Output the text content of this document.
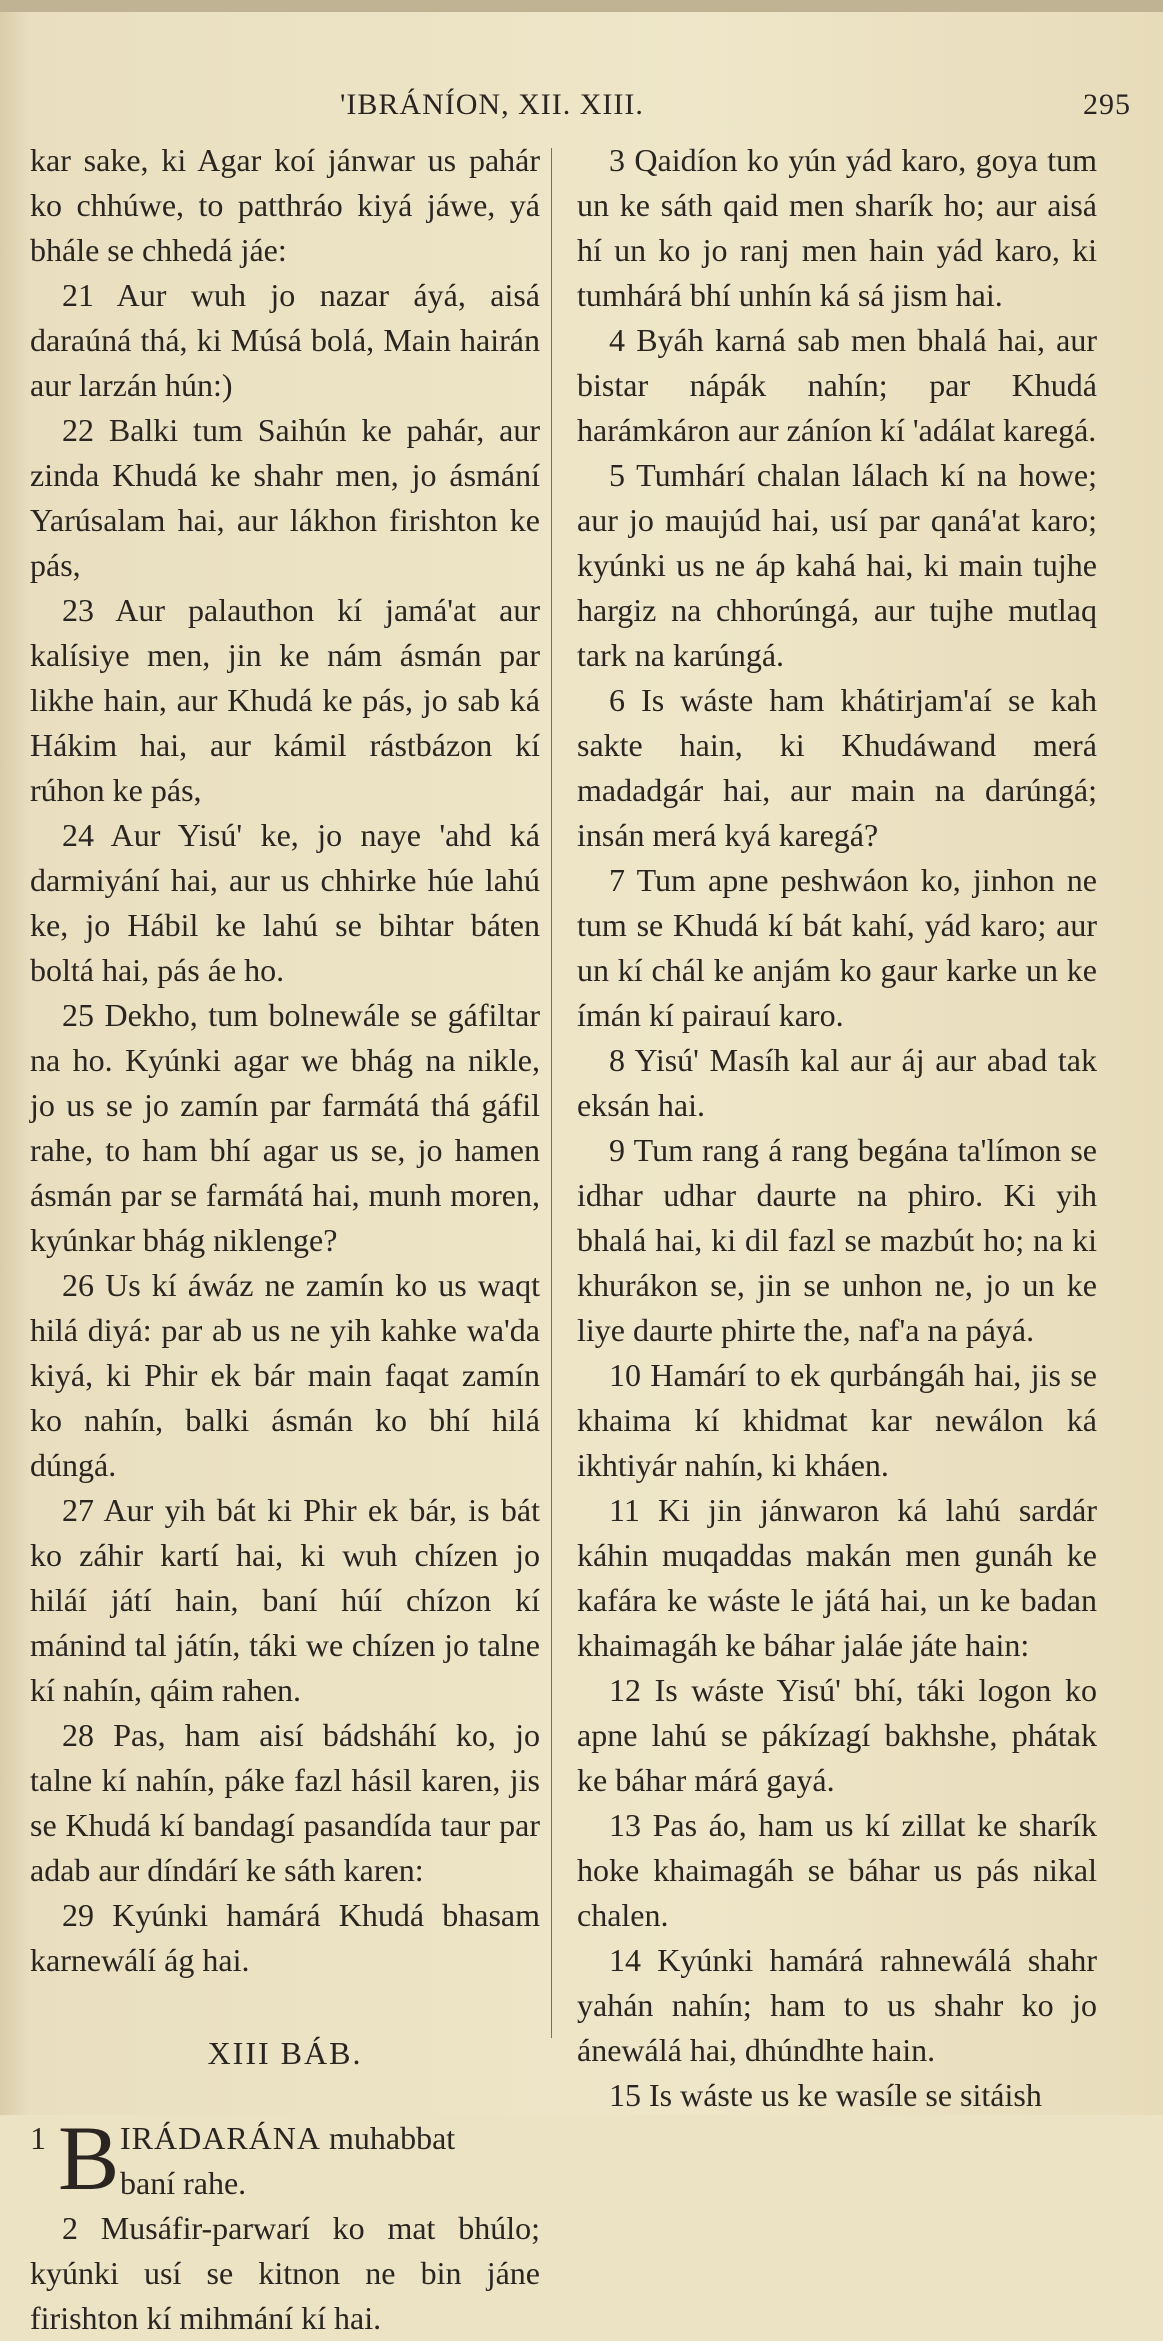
'IBRÁNÍON, XII. XIII.	295

kar sake, ki Agar koí jánwar us pahár ko chhúwe, to patthráo kiyá jáwe, yá bhále se chhedá jáe:

21 Aur wuh jo nazar áyá, aisá daraúná thá, ki Músá bolá, Main hairán aur larzán hún:)

22 Balki tum Saihún ke pahár, aur zinda Khudá ke shahr men, jo ásmání Yarúsalam hai, aur lákhon firishton ke pás,

23 Aur palauthon kí jamá'at aur kalísiye men, jin ke nám ásmán par likhe hain, aur Khudá ke pás, jo sab ká Hákim hai, aur kámil rástbázon kí rúhon ke pás,

24 Aur Yisú' ke, jo naye 'ahd ká darmiyání hai, aur us chhirke húe lahú ke, jo Hábil ke lahú se bihtar báten boltá hai, pás áe ho.

25 Dekho, tum bolnewále se gáfiltar na ho. Kyúnki agar we bhág na nikle, jo us se jo zamín par farmátá thá gáfil rahe, to ham bhí agar us se, jo hamen ásmán par se farmátá hai, munh moren, kyúnkar bhág niklenge?

26 Us kí áwáz ne zamín ko us waqt hilá diyá: par ab us ne yih kahke wa'da kiyá, ki Phir ek bár main faqat zamín ko nahín, balki ásmán ko bhí hilá dúngá.

27 Aur yih bát ki Phir ek bár, is bát ko záhir kartí hai, ki wuh chízen jo hiláí játí hain, baní húí chízon kí mánind tal játín, táki we chízen jo talne kí nahín, qáim rahen.

28 Pas, ham aisí bádsháhí ko, jo talne kí nahín, páke fazl hásil karen, jis se Khudá kí bandagí pasandída taur par adab aur díndárí ke sáth karen:

29 Kyúnki hamárá Khudá bhasam karnewálí ág hai.

XIII BÁB.
1 B IRÁDARÁNA muhabbat
baní rahe.

2 Musáfir-parwarí ko mat bhúlo; kyúnki usí se kitnon ne bin jáne firishton kí mihmání kí hai.

3 Qaidíon ko yún yád karo, goya tum un ke sáth qaid men sharík ho; aur aisá hí un ko jo ranj men hain yád karo, ki tumhárá bhí unhín ká sá jism hai.

4 Byáh karná sab men bhalá hai, aur bistar nápák nahín; par Khudá harámkáron aur záníon kí 'adálat karegá.

5 Tumhárí chalan lálach kí na howe; aur jo maujúd hai, usí par qaná'at karo; kyúnki us ne áp kahá hai, ki main tujhe hargiz na chhorúngá, aur tujhe mutlaq tark na karúngá.

6 Is wáste ham khátirjam'aí se kah sakte hain, ki Khudáwand merá madadgár hai, aur main na darúngá; insán merá kyá karegá?

7 Tum apne peshwáon ko, jinhon ne tum se Khudá kí bát kahí, yád karo; aur un kí chál ke anjám ko gaur karke un ke ímán kí pairauí karo.

8 Yisú' Masíh kal aur áj aur abad tak eksán hai.

9 Tum rang á rang begána ta'límon se idhar udhar daurte na phiro. Ki yih bhalá hai, ki dil fazl se mazbút ho; na ki khurákon se, jin se unhon ne, jo un ke liye daurte phirte the, naf'a na páyá.

10 Hamárí to ek qurbángáh hai, jis se khaima kí khidmat kar newálon ká ikhtiyár nahín, ki kháen.

11 Ki jin jánwaron ká lahú sardár káhin muqaddas makán men gunáh ke kafára ke wáste le játá hai, un ke badan khaimagáh ke báhar jaláe játe hain:

12 Is wáste Yisú' bhí, táki logon ko apne lahú se pákízagí bakhshe, phátak ke báhar márá gayá.

13 Pas áo, ham us kí zillat ke sharík hoke khaimagáh se báhar us pás nikal chalen.

14 Kyúnki hamárá rahnewálá shahr yahán nahín; ham to us shahr ko jo ánewálá hai, dhúndhte hain.

15 Is wáste us ke wasíle se sitáish
